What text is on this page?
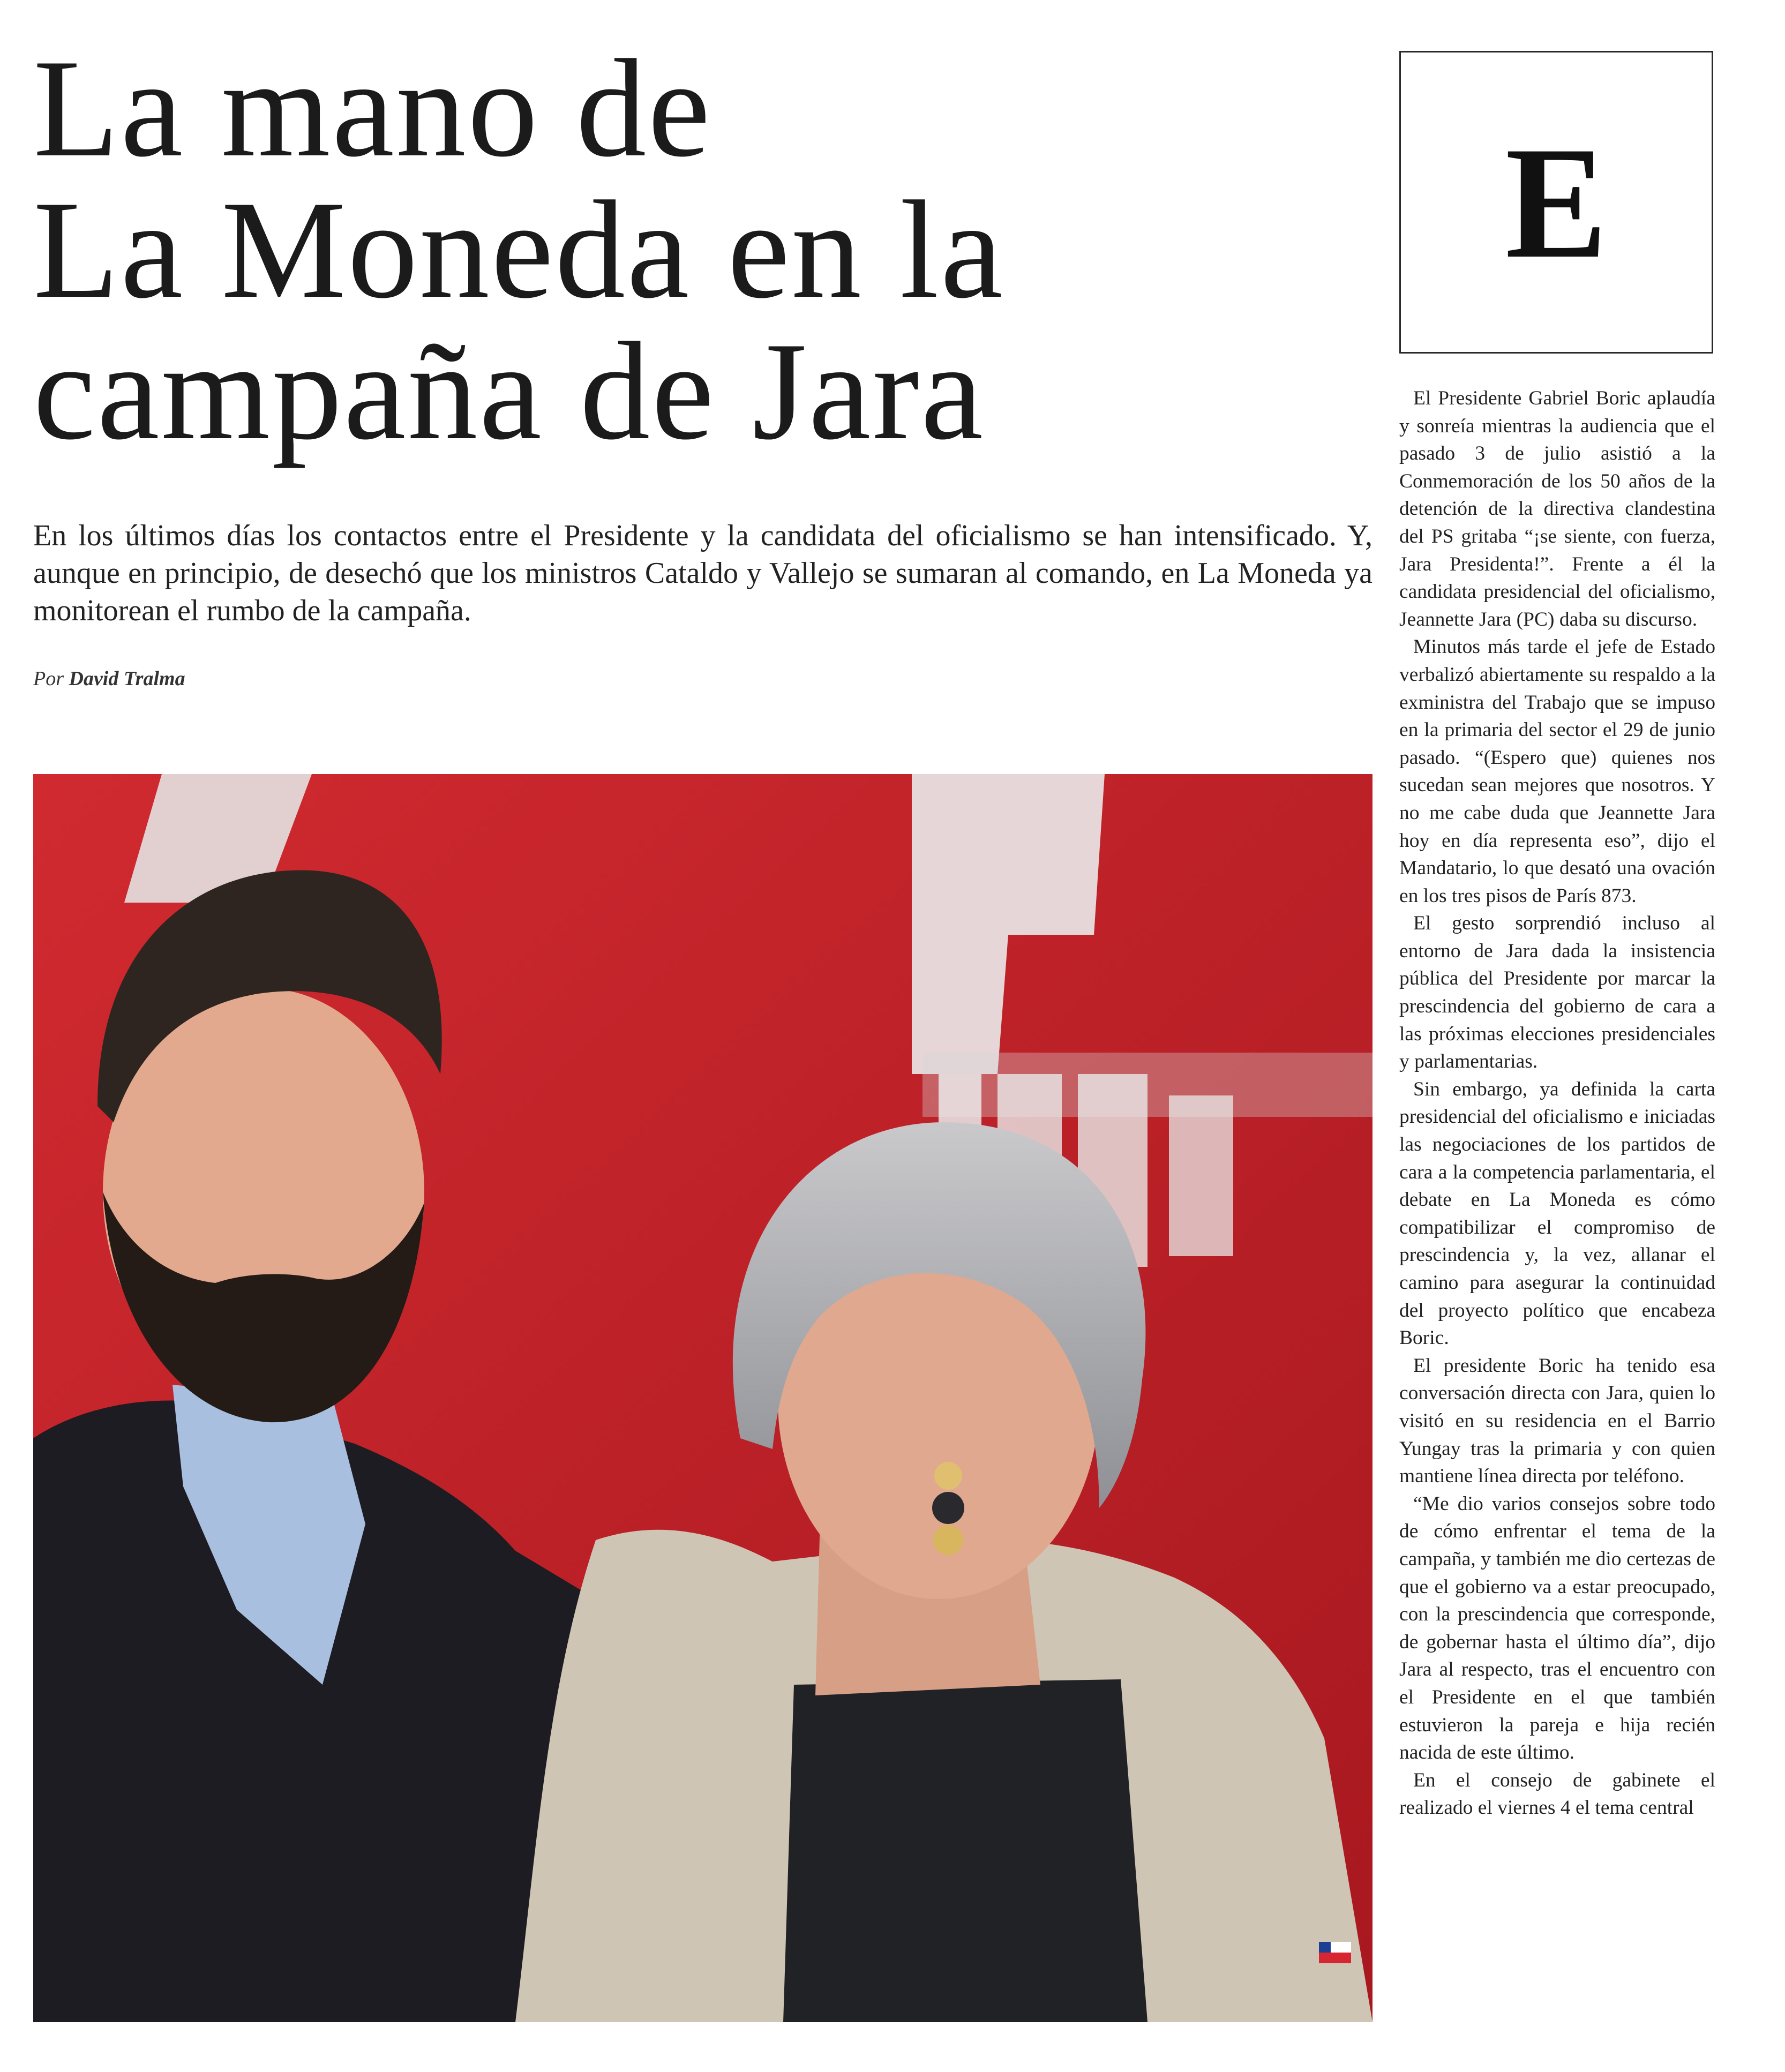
La mano de
La Moneda en la
campaña de Jara

En los últimos días los contactos entre el Presidente y la candidata del oficialismo se han intensificado. Y, aunque en principio, de desechó que los ministros Cataldo y Vallejo se sumaran al comando, en La Moneda ya monitorean el rumbo de la campaña.

Por David Tralma

E

El Presidente Gabriel Boric aplaudía y sonreía mientras la audiencia que el pasado 3 de julio asistió a la Conmemoración de los 50 años de la detención de la directiva clandestina del PS gritaba “¡se siente, con fuerza, Jara Presidenta!”. Frente a él la candidata presidencial del oficialismo, Jeannette Jara (PC) daba su discurso.

Minutos más tarde el jefe de Estado verbalizó abiertamente su respaldo a la exministra del Trabajo que se impuso en la primaria del sector el 29 de junio pasado. “(Espero que) quienes nos sucedan sean mejores que nosotros. Y no me cabe duda que Jeannette Jara hoy en día representa eso”, dijo el Mandatario, lo que desató una ovación en los tres pisos de París 873.

El gesto sorprendió incluso al entorno de Jara dada la insistencia pública del Presidente por marcar la prescindencia del gobierno de cara a las próximas elecciones presidenciales y parlamentarias.

Sin embargo, ya definida la carta presidencial del oficialismo e iniciadas las negociaciones de los partidos de cara a la competencia parlamentaria, el debate en La Moneda es cómo compatibilizar el compromiso de prescindencia y, la vez, allanar el camino para asegurar la continuidad del proyecto político que encabeza Boric.

El presidente Boric ha tenido esa conversación directa con Jara, quien lo visitó en su residencia en el Barrio Yungay tras la primaria y con quien mantiene línea directa por teléfono.

“Me dio varios consejos sobre todo de cómo enfrentar el tema de la campaña, y también me dio certezas de que el gobierno va a estar preocupado, con la prescindencia que corresponde, de gobernar hasta el último día”, dijo Jara al respecto, tras el encuentro con el Presidente en el que también estuvieron la pareja e hija recién nacida de este último.

En el consejo de gabinete el realizado el viernes 4 el tema central
